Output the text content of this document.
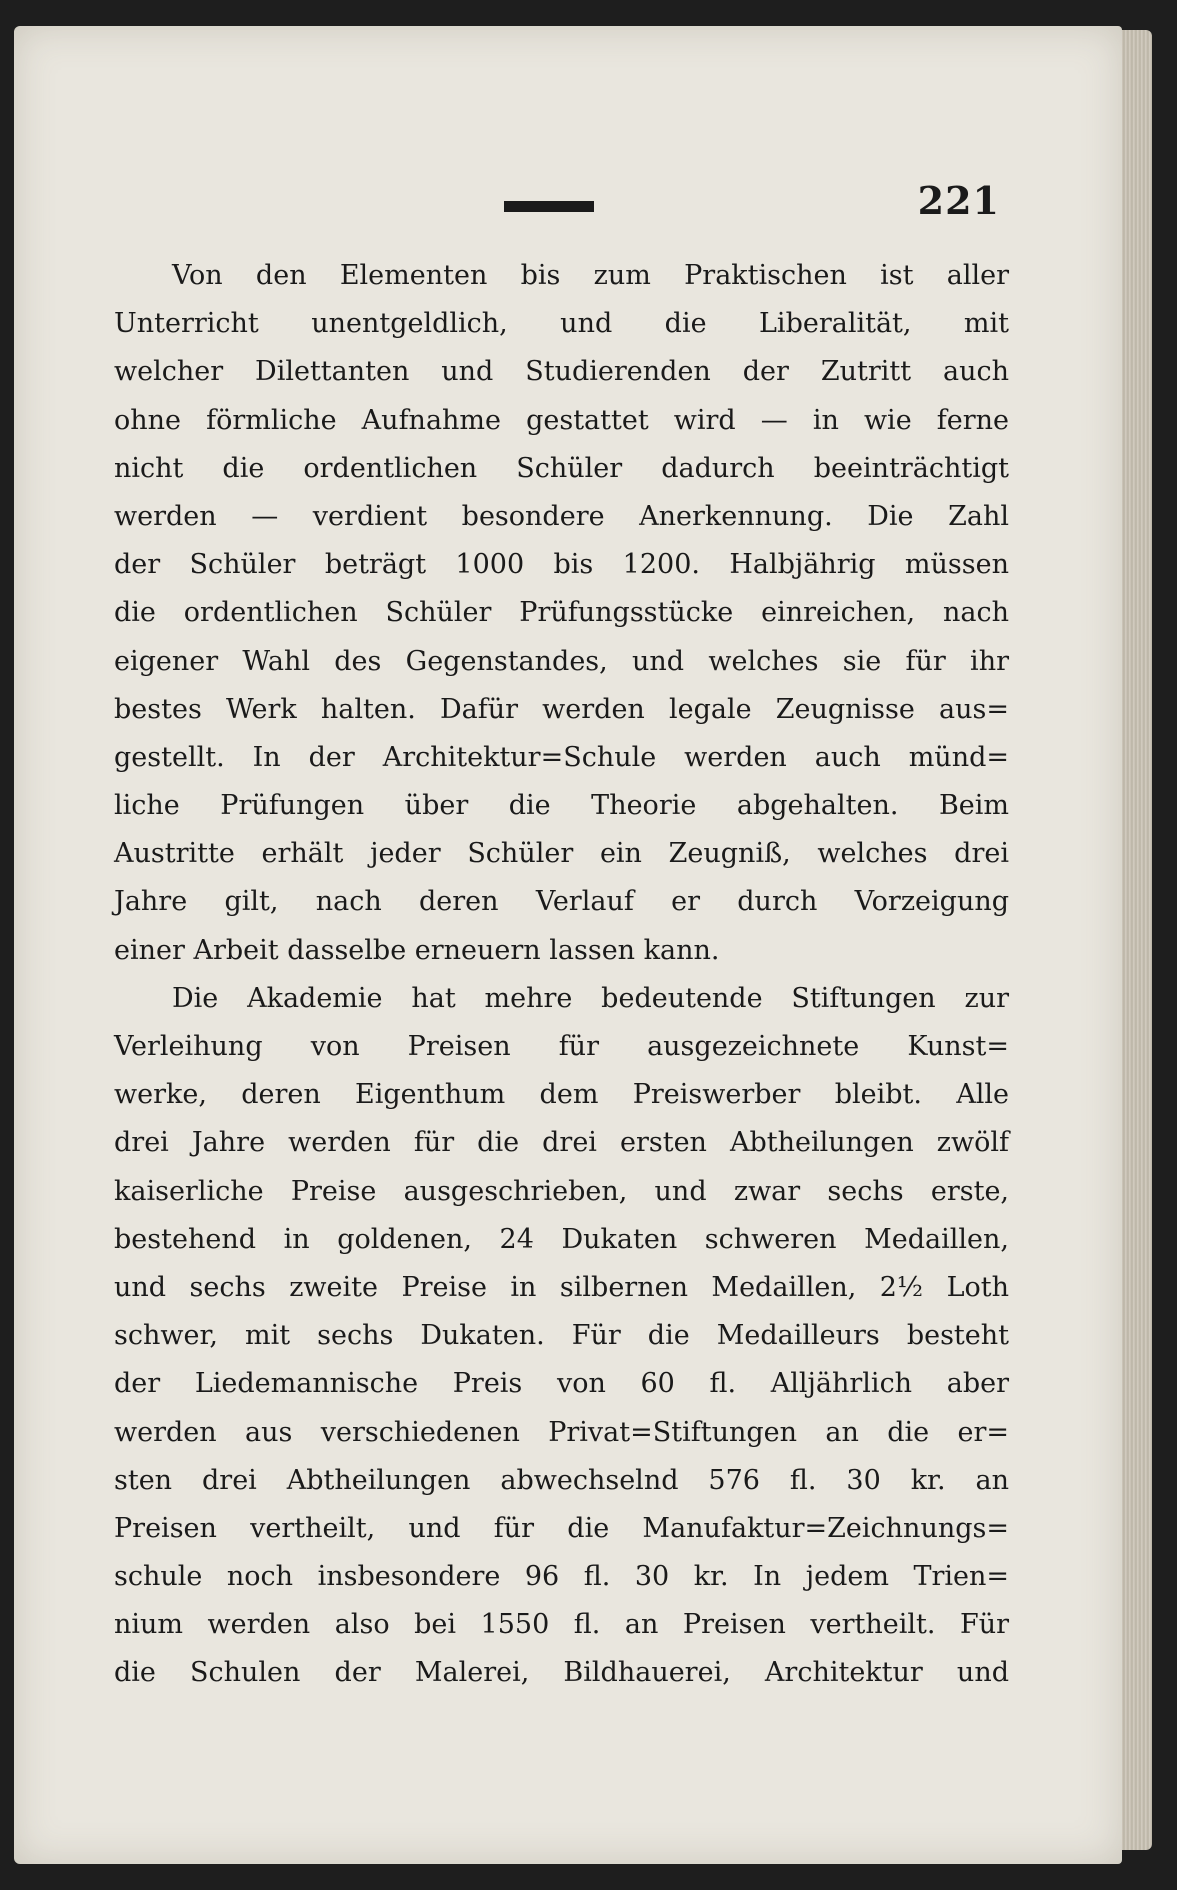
221
Von den Elementen bis zum Praktischen ist aller
Unterricht unentgeldlich, und die Liberalität, mit
welcher Dilettanten und Studierenden der Zutritt auch
ohne förmliche Aufnahme gestattet wird — in wie ferne
nicht die ordentlichen Schüler dadurch beeinträchtigt
werden — verdient besondere Anerkennung. Die Zahl
der Schüler beträgt 1000 bis 1200. Halbjährig müssen
die ordentlichen Schüler Prüfungsstücke einreichen, nach
eigener Wahl des Gegenstandes, und welches sie für ihr
bestes Werk halten. Dafür werden legale Zeugnisse aus=
gestellt. In der Architektur=Schule werden auch münd=
liche Prüfungen über die Theorie abgehalten. Beim
Austritte erhält jeder Schüler ein Zeugniß, welches drei
Jahre gilt, nach deren Verlauf er durch Vorzeigung
einer Arbeit dasselbe erneuern lassen kann.
Die Akademie hat mehre bedeutende Stiftungen zur
Verleihung von Preisen für ausgezeichnete Kunst=
werke, deren Eigenthum dem Preiswerber bleibt. Alle
drei Jahre werden für die drei ersten Abtheilungen zwölf
kaiserliche Preise ausgeschrieben, und zwar sechs erste,
bestehend in goldenen, 24 Dukaten schweren Medaillen,
und sechs zweite Preise in silbernen Medaillen, 2½ Loth
schwer, mit sechs Dukaten. Für die Medailleurs besteht
der Liedemannische Preis von 60 fl. Alljährlich aber
werden aus verschiedenen Privat=Stiftungen an die er=
sten drei Abtheilungen abwechselnd 576 fl. 30 kr. an
Preisen vertheilt, und für die Manufaktur=Zeichnungs=
schule noch insbesondere 96 fl. 30 kr. In jedem Trien=
nium werden also bei 1550 fl. an Preisen vertheilt. Für
die Schulen der Malerei, Bildhauerei, Architektur und
